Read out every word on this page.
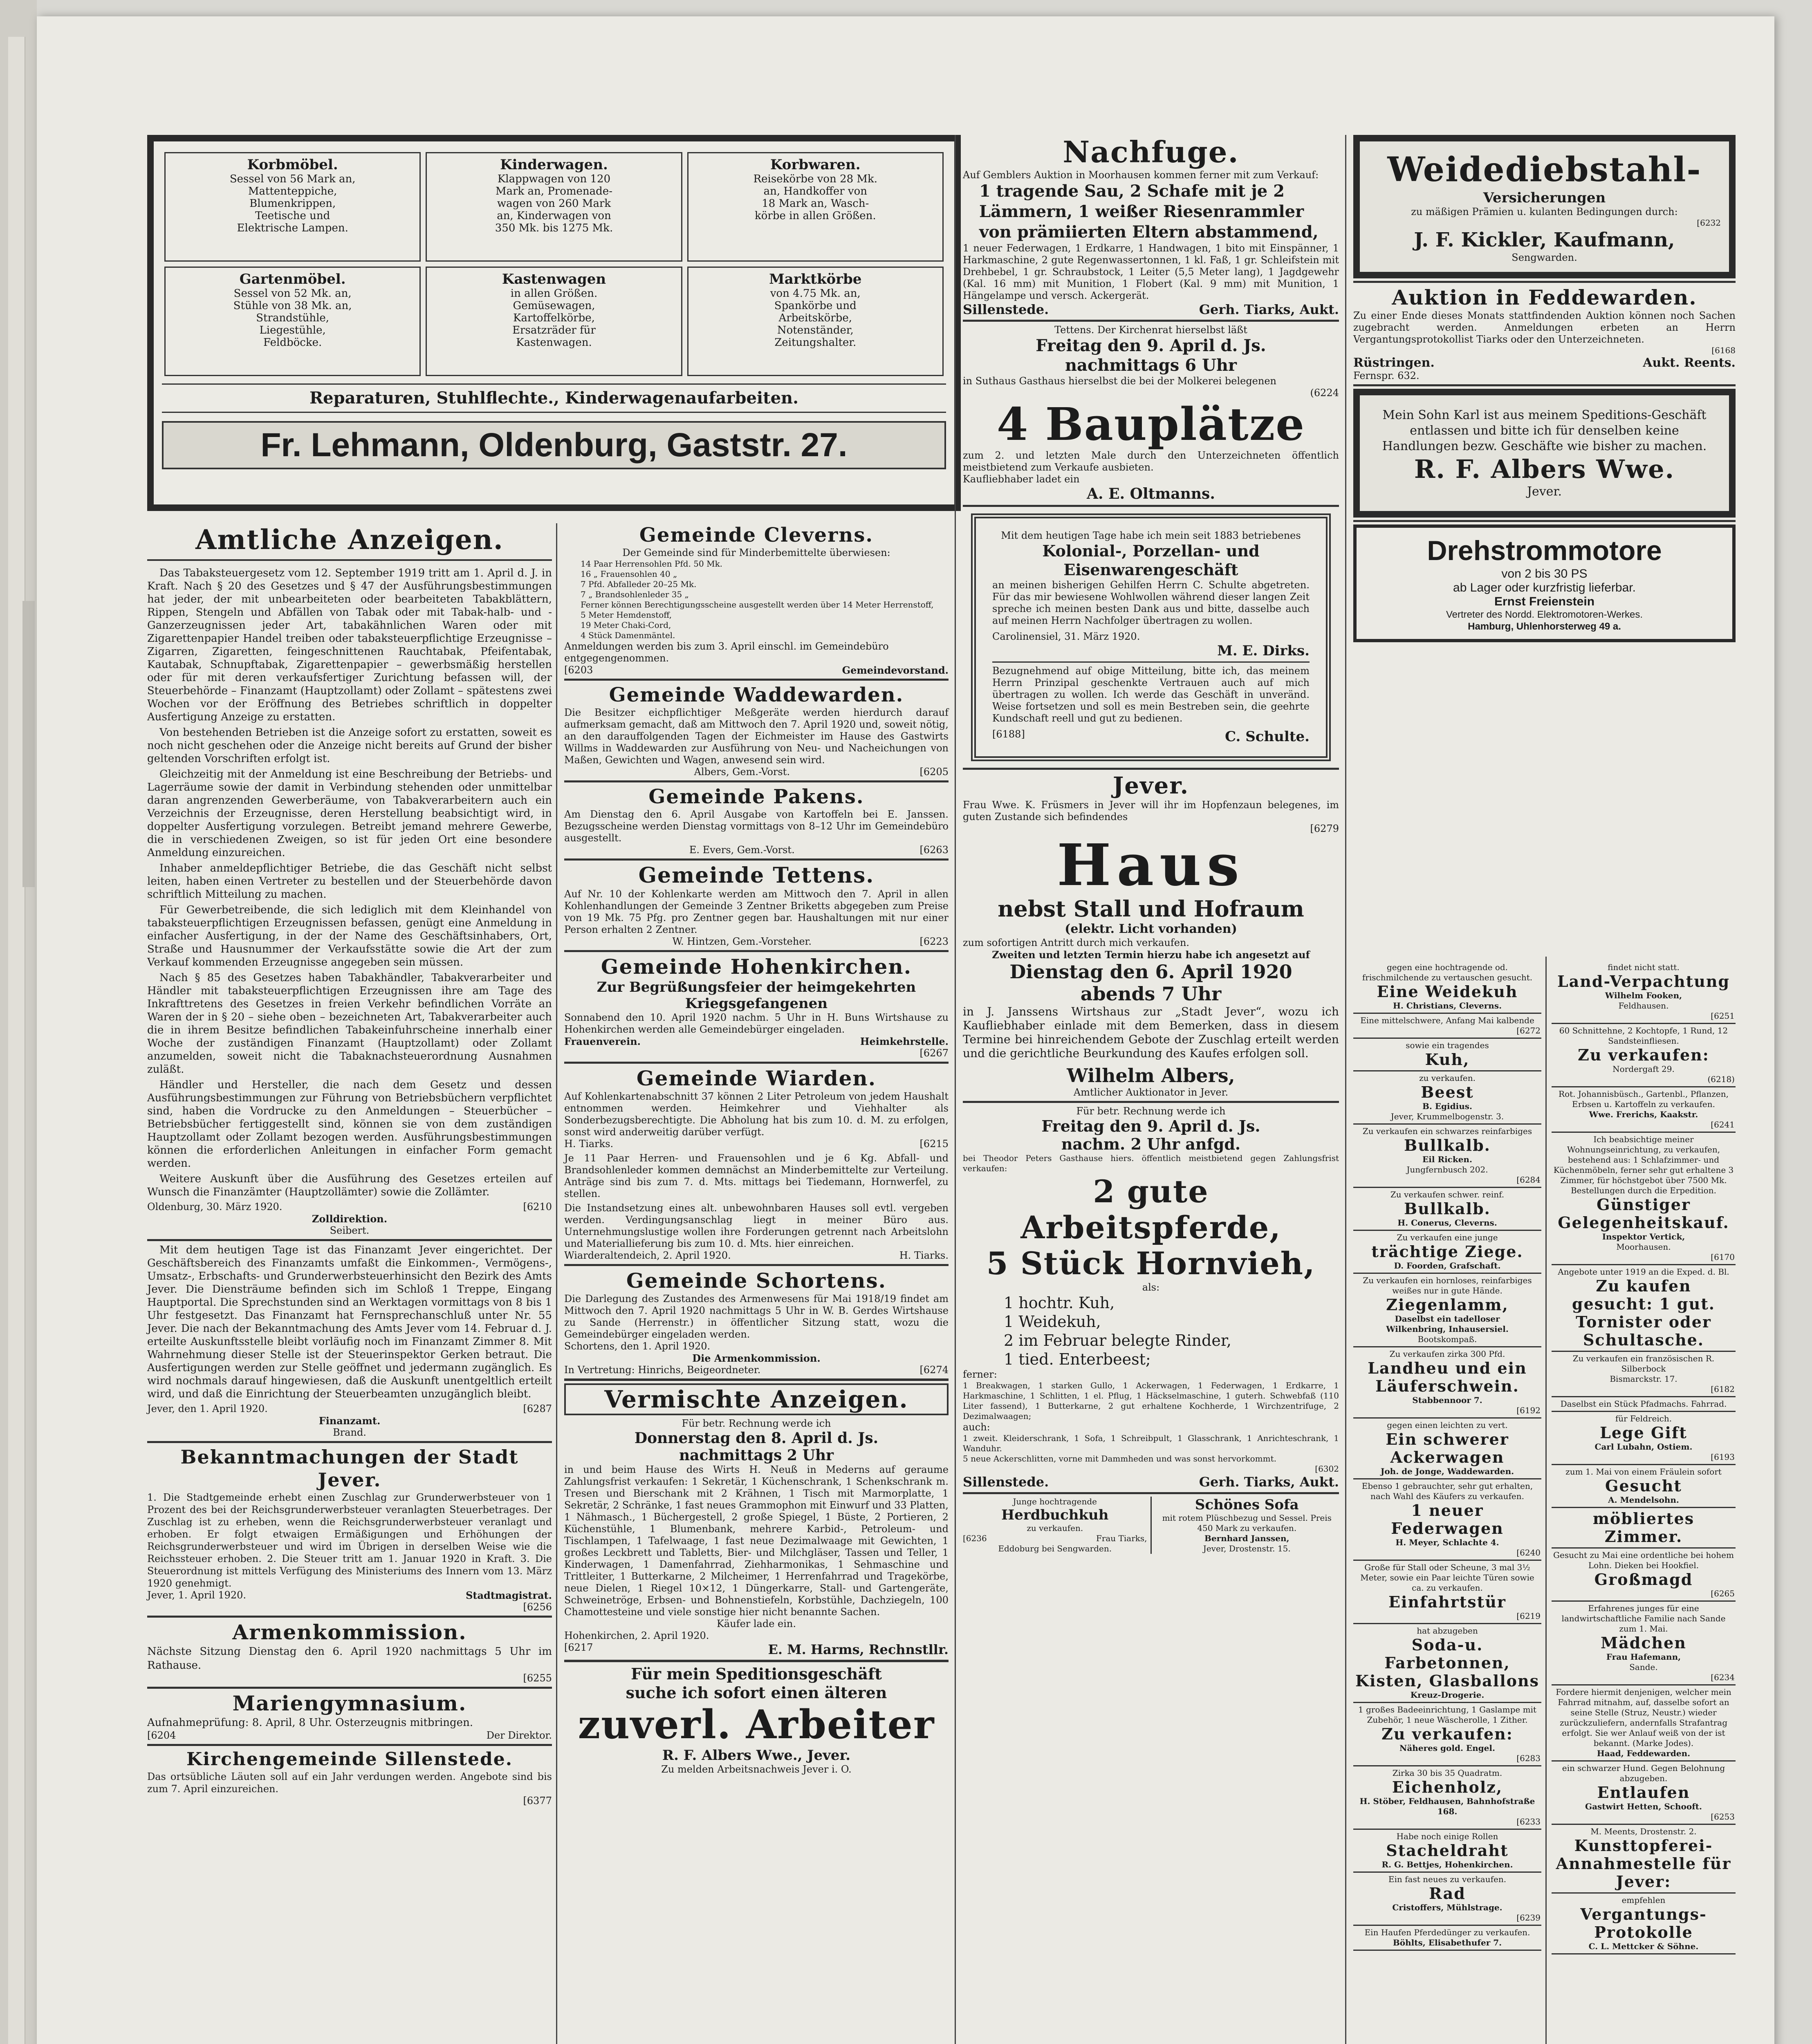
Korbmöbel.
Sessel von 56 Mark an,
Mattenteppiche,
Blumenkrippen,
Teetische und
Elektrische Lampen.
Kinderwagen.
Klappwagen von 120
Mark an, Promenade-
wagen von 260 Mark
an, Kinderwagen von
350 Mk. bis 1275 Mk.
Korbwaren.
Reisekörbe von 28 Mk.
an, Handkoffer von
18 Mark an, Wasch-
körbe in allen Größen.
Gartenmöbel.
Sessel von 52 Mk. an,
Stühle von 38 Mk. an,
Strandstühle,
Liegestühle,
Feldböcke.
Kastenwagen
in allen Größen.
Gemüsewagen,
Kartoffelkörbe,
Ersatzräder für
Kastenwagen.
Marktkörbe
von 4.75 Mk. an,
Spankörbe und
Arbeitskörbe,
Notenständer,
Zeitungshalter.
Reparaturen, Stuhlflechte., Kinderwagenaufarbeiten.
Fr. Lehmann, Oldenburg, Gaststr. 27.
Amtliche Anzeigen.

Das Tabaksteuergesetz vom 12. September 1919 tritt am 1. April d. J. in Kraft. Nach § 20 des Gesetzes und § 47 der Ausführungsbestimmungen hat jeder, der mit unbearbeiteten oder bearbeiteten Tabakblättern, Rippen, Stengeln und Abfällen von Tabak oder mit Tabak-halb- und -Ganzerzeugnissen jeder Art, tabakähnlichen Waren oder mit Zigarettenpapier Handel treiben oder tabaksteuerpflichtige Erzeugnisse – Zigarren, Zigaretten, feingeschnittenen Rauchtabak, Pfeifentabak, Kautabak, Schnupftabak, Zigarettenpapier – gewerbsmäßig herstellen oder für mit deren verkaufsfertiger Zurichtung befassen will, der Steuerbehörde – Finanzamt (Hauptzollamt) oder Zollamt – spätestens zwei Wochen vor der Eröffnung des Betriebes schriftlich in doppelter Ausfertigung Anzeige zu erstatten.

Von bestehenden Betrieben ist die Anzeige sofort zu erstatten, soweit es noch nicht geschehen oder die Anzeige nicht bereits auf Grund der bisher geltenden Vorschriften erfolgt ist.

Gleichzeitig mit der Anmeldung ist eine Beschreibung der Betriebs- und Lagerräume sowie der damit in Verbindung stehenden oder unmittelbar daran angrenzenden Gewerberäume, von Tabakverarbeitern auch ein Verzeichnis der Erzeugnisse, deren Herstellung beabsichtigt wird, in doppelter Ausfertigung vorzulegen. Betreibt jemand mehrere Gewerbe, die in verschiedenen Zweigen, so ist für jeden Ort eine besondere Anmeldung einzureichen.

Inhaber anmeldepflichtiger Betriebe, die das Geschäft nicht selbst leiten, haben einen Vertreter zu bestellen und der Steuerbehörde davon schriftlich Mitteilung zu machen.

Für Gewerbetreibende, die sich lediglich mit dem Kleinhandel von tabaksteuerpflichtigen Erzeugnissen befassen, genügt eine Anmeldung in einfacher Ausfertigung, in der der Name des Geschäftsinhabers, Ort, Straße und Hausnummer der Verkaufsstätte sowie die Art der zum Verkauf kommenden Erzeugnisse angegeben sein müssen.

Nach § 85 des Gesetzes haben Tabakhändler, Tabakverarbeiter und Händler mit tabaksteuerpflichtigen Erzeugnissen ihre am Tage des Inkrafttretens des Gesetzes in freien Verkehr befindlichen Vorräte an Waren der in § 20 – siehe oben – bezeichneten Art, Tabakverarbeiter auch die in ihrem Besitze befindlichen Tabakeinfuhrscheine innerhalb einer Woche der zuständigen Finanzamt (Hauptzollamt) oder Zollamt anzumelden, soweit nicht die Tabaknachsteuerordnung Ausnahmen zuläßt.

Händler und Hersteller, die nach dem Gesetz und dessen Ausführungsbestimmungen zur Führung von Betriebsbüchern verpflichtet sind, haben die Vordrucke zu den Anmeldungen – Steuerbücher – Betriebsbücher fertiggestellt sind, können sie von dem zuständigen Hauptzollamt oder Zollamt bezogen werden. Ausführungsbestimmungen können die erforderlichen Anleitungen in einfacher Form gemacht werden.

Weitere Auskunft über die Ausführung des Gesetzes erteilen auf Wunsch die Finanzämter (Hauptzollämter) sowie die Zollämter.

Oldenburg, 30. März 1920.	[6210
Zolldirektion.
Seibert.

Mit dem heutigen Tage ist das Finanzamt Jever eingerichtet. Der Geschäftsbereich des Finanzamts umfaßt die Einkommen-, Vermögens-, Umsatz-, Erbschafts- und Grunderwerbsteuerhinsicht den Bezirk des Amts Jever. Die Diensträume befinden sich im Schloß 1 Treppe, Eingang Hauptportal. Die Sprechstunden sind an Werktagen vormittags von 8 bis 1 Uhr festgesetzt. Das Finanzamt hat Fernsprechanschluß unter Nr. 55 Jever. Die nach der Bekanntmachung des Amts Jever vom 14. Februar d. J. erteilte Auskunftsstelle bleibt vorläufig noch im Finanzamt Zimmer 8. Mit Wahrnehmung dieser Stelle ist der Steuerinspektor Gerken betraut. Die Ausfertigungen werden zur Stelle geöffnet und jedermann zugänglich. Es wird nochmals darauf hingewiesen, daß die Auskunft unentgeltlich erteilt wird, und daß die Einrichtung der Steuerbeamten unzugänglich bleibt.

Jever, den 1. April 1920.	[6287
Finanzamt.
Brand.
Bekanntmachungen der Stadt Jever.
1. Die Stadtgemeinde erhebt einen Zuschlag zur Grunderwerbsteuer von 1 Prozent des bei der Reichsgrunderwerbsteuer veranlagten Steuerbetrages. Der Zuschlag ist zu erheben, wenn die Reichsgrunderwerbsteuer veranlagt und erhoben. Er folgt etwaigen Ermäßigungen und Erhöhungen der Reichsgrunderwerbsteuer und wird im Übrigen in derselben Weise wie die Reichssteuer erhoben. 2. Die Steuer tritt am 1. Januar 1920 in Kraft. 3. Die Steuerordnung ist mittels Verfügung des Ministeriums des Innern vom 13. März 1920 genehmigt.
Jever, 1. April 1920.	Stadtmagistrat.
[6256
Armenkommission.
Nächste Sitzung Dienstag den 6. April 1920 nachmittags 5 Uhr im Rathause.
[6255
Mariengymnasium.
Aufnahmeprüfung: 8. April, 8 Uhr. Osterzeugnis mitbringen.
[6204	Der Direktor.
Kirchengemeinde Sillenstede.
Das ortsübliche Läuten soll auf ein Jahr verdungen werden. Angebote sind bis zum 7. April einzureichen.
[6377
Gemeinde Cleverns.
Der Gemeinde sind für Minderbemittelte überwiesen:
14 Paar Herrensohlen Pfd. 50 Mk.
16 „ Frauensohlen 40 „
7 Pfd. Abfalleder 20–25 Mk.
7 „ Brandsohlenleder 35 „
Ferner können Berechtigungsscheine ausgestellt werden über 14 Meter Herrenstoff,
5 Meter Hemdenstoff,
19 Meter Chaki-Cord,
4 Stück Damenmäntel.
Anmeldungen werden bis zum 3. April einschl. im Gemeindebüro entgegengenommen.
[6203	Gemeindevorstand.
Gemeinde Waddewarden.
Die Besitzer eichpflichtiger Meßgeräte werden hierdurch darauf aufmerksam gemacht, daß am Mittwoch den 7. April 1920 und, soweit nötig, an den darauffolgenden Tagen der Eichmeister im Hause des Gastwirts Willms in Waddewarden zur Ausführung von Neu- und Nacheichungen von Maßen, Gewichten und Wagen, anwesend sein wird.
Albers, Gem.-Vorst.	[6205
Gemeinde Pakens.
Am Dienstag den 6. April Ausgabe von Kartoffeln bei E. Janssen. Bezugsscheine werden Dienstag vormittags von 8–12 Uhr im Gemeindebüro ausgestellt.
E. Evers, Gem.-Vorst.	[6263
Gemeinde Tettens.
Auf Nr. 10 der Kohlenkarte werden am Mittwoch den 7. April in allen Kohlenhandlungen der Gemeinde 3 Zentner Briketts abgegeben zum Preise von 19 Mk. 75 Pfg. pro Zentner gegen bar. Haushaltungen mit nur einer Person erhalten 2 Zentner.
W. Hintzen, Gem.-Vorsteher.	[6223
Gemeinde Hohenkirchen.
Zur Begrüßungsfeier der heimgekehrten Kriegsgefangenen
Sonnabend den 10. April 1920 nachm. 5 Uhr in H. Buns Wirtshause zu Hohenkirchen werden alle Gemeindebürger eingeladen.
Frauenverein.	Heimkehrstelle.
[6267
Gemeinde Wiarden.
Auf Kohlenkartenabschnitt 37 können 2 Liter Petroleum von jedem Haushalt entnommen werden. Heimkehrer und Viehhalter als Sonderbezugsberechtigte. Die Abholung hat bis zum 10. d. M. zu erfolgen, sonst wird anderweitig darüber verfügt.
H. Tiarks.	[6215
Je 11 Paar Herren- und Frauensohlen und je 6 Kg. Abfall- und Brandsohlenleder kommen demnächst an Minderbemittelte zur Verteilung. Anträge sind bis zum 7. d. Mts. mittags bei Tiedemann, Hornwerfel, zu stellen.
Die Instandsetzung eines alt. unbewohnbaren Hauses soll evtl. vergeben werden. Verdingungsanschlag liegt in meiner Büro aus. Unternehmungslustige wollen ihre Forderungen getrennt nach Arbeitslohn und Materiallieferung bis zum 10. d. Mts. hier einreichen.
Wiarderaltendeich, 2. April 1920.	H. Tiarks.
Gemeinde Schortens.
Die Darlegung des Zustandes des Armenwesens für Mai 1918/19 findet am Mittwoch den 7. April 1920 nachmittags 5 Uhr in W. B. Gerdes Wirtshause zu Sande (Herrenstr.) in öffentlicher Sitzung statt, wozu die Gemeindebürger eingeladen werden.
Schortens, den 1. April 1920.
Die Armenkommission.
In Vertretung: Hinrichs, Beigeordneter.	[6274
Vermischte Anzeigen.
Für betr. Rechnung werde ich
Donnerstag den 8. April d. Js.
nachmittags 2 Uhr
in und beim Hause des Wirts H. Neuß in Mederns auf geraume Zahlungsfrist verkaufen: 1 Sekretär, 1 Küchenschrank, 1 Schenkschrank m. Tresen und Bierschank mit 2 Krähnen, 1 Tisch mit Marmorplatte, 1 Sekretär, 2 Schränke, 1 fast neues Grammophon mit Einwurf und 33 Platten, 1 Nähmasch., 1 Büchergestell, 2 große Spiegel, 1 Büste, 2 Portieren, 2 Küchenstühle, 1 Blumenbank, mehrere Karbid-, Petroleum- und Tischlampen, 1 Tafelwaage, 1 fast neue Dezimalwaage mit Gewichten, 1 großes Leckbrett und Tabletts, Bier- und Milchgläser, Tassen und Teller, 1 Kinderwagen, 1 Damenfahrrad, Ziehharmonikas, 1 Sehmaschine und Trittleiter, 1 Butterkarne, 2 Milcheimer, 1 Herrenfahrrad und Tragekörbe, neue Dielen, 1 Riegel 10×12, 1 Düngerkarre, Stall- und Gartengeräte, Schweinetröge, Erbsen- und Bohnenstiefeln, Korbstühle, Dachziegeln, 100 Chamottesteine und viele sonstige hier nicht benannte Sachen.
Käufer lade ein.
Hohenkirchen, 2. April 1920.
[6217	E. M. Harms, Rechnstllr.
Für mein Speditionsgeschäft
suche ich sofort einen älteren
zuverl. Arbeiter
R. F. Albers Wwe., Jever.
Zu melden Arbeitsnachweis Jever i. O.
Nachfuge.
Auf Gemblers Auktion in Moorhausen kommen ferner mit zum Verkauf:
1 tragende Sau, 2 Schafe mit je 2 Lämmern, 1 weißer Riesenrammler von prämiierten Eltern abstammend,
1 neuer Federwagen, 1 Erdkarre, 1 Handwagen, 1 bito mit Einspänner, 1 Harkmaschine, 2 gute Regenwassertonnen, 1 kl. Faß, 1 gr. Schleifstein mit Drehbebel, 1 gr. Schraubstock, 1 Leiter (5,5 Meter lang), 1 Jagdgewehr (Kal. 16 mm) mit Munition, 1 Flobert (Kal. 9 mm) mit Munition, 1 Hängelampe und versch. Ackergerät.
Sillenstede.	Gerh. Tiarks, Aukt.
Tettens. Der Kirchenrat hierselbst läßt
Freitag den 9. April d. Js.
nachmittags 6 Uhr
in Suthaus Gasthaus hierselbst die bei der Molkerei belegenen
(6224
4 Bauplätze
zum 2. und letzten Male durch den Unterzeichneten öffentlich meistbietend zum Verkaufe ausbieten.
Kaufliebhaber ladet ein
A. E. Oltmanns.
Mit dem heutigen Tage habe ich mein seit 1883 betriebenes
Kolonial-, Porzellan- und Eisenwarengeschäft
an meinen bisherigen Gehilfen Herrn C. Schulte abgetreten. Für das mir bewiesene Wohlwollen während dieser langen Zeit spreche ich meinen besten Dank aus und bitte, dasselbe auch auf meinen Herrn Nachfolger übertragen zu wollen.
Carolinensiel, 31. März 1920.
M. E. Dirks.
Bezugnehmend auf obige Mitteilung, bitte ich, das meinem Herrn Prinzipal geschenkte Vertrauen auch auf mich übertragen zu wollen. Ich werde das Geschäft in unveränd. Weise fortsetzen und soll es mein Bestreben sein, die geehrte Kundschaft reell und gut zu bedienen.
[6188]	C. Schulte.
Jever.
Frau Wwe. K. Früsmers in Jever will ihr im Hopfenzaun belegenes, im guten Zustande sich befindendes
[6279
Haus
nebst Stall und Hofraum
(elektr. Licht vorhanden)
zum sofortigen Antritt durch mich verkaufen.
Zweiten und letzten Termin hierzu habe ich angesetzt auf
Dienstag den 6. April 1920
abends 7 Uhr
in J. Janssens Wirtshaus zur „Stadt Jever“, wozu ich Kaufliebhaber einlade mit dem Bemerken, dass in diesem Termine bei hinreichendem Gebote der Zuschlag erteilt werden und die gerichtliche Beurkundung des Kaufes erfolgen soll.
Wilhelm Albers,
Amtlicher Auktionator in Jever.
Für betr. Rechnung werde ich
Freitag den 9. April d. Js.
nachm. 2 Uhr anfgd.
bei Theodor Peters Gasthause hiers. öffentlich meistbietend gegen Zahlungsfrist verkaufen:
2 gute Arbeitspferde,
5 Stück Hornvieh,
als:
1 hochtr. Kuh,
1 Weidekuh,
2 im Februar belegte Rinder,
1 tied. Enterbeest;
ferner:
1 Breakwagen, 1 starken Gullo, 1 Ackerwagen, 1 Federwagen, 1 Erdkarre, 1 Harkmaschine, 1 Schlitten, 1 el. Pflug, 1 Häckselmaschine, 1 guterh. Schwebfaß (110 Liter fassend), 1 Butterkarne, 2 gut erhaltene Kochherde, 1 Wirchzentrifuge, 2 Dezimalwaagen;
auch:
1 zweit. Kleiderschrank, 1 Sofa, 1 Schreibpult, 1 Glasschrank, 1 Anrichteschrank, 1 Wanduhr.
5 neue Ackerschlitten, vorne mit Dammheden und was sonst hervorkommt.
[6302
Sillenstede.	Gerh. Tiarks, Aukt.
Junge hochtragende
Herdbuchkuh
zu verkaufen.
[6236	Frau Tiarks,
Eddoburg bei Sengwarden.
Schönes Sofa
mit rotem Plüschbezug und Sessel. Preis 450 Mark zu verkaufen.
Bernhard Janssen,
Jever, Drostenstr. 15.
Weidediebstahl-
Versicherungen
zu mäßigen Prämien u. kulanten Bedingungen durch:
[6232
J. F. Kickler, Kaufmann,
Sengwarden.
Auktion in Feddewarden.
Zu einer Ende dieses Monats stattfindenden Auktion können noch Sachen zugebracht werden. Anmeldungen erbeten an Herrn Vergantungsprotokollist Tiarks oder den Unterzeichneten.
[6168
Rüstringen.	Aukt. Reents.
Fernspr. 632.
Mein Sohn Karl ist aus meinem Speditions-Geschäft entlassen und bitte ich für denselben keine Handlungen bezw. Geschäfte wie bisher zu machen.
R. F. Albers Wwe.
Jever.
Drehstrommotore
von 2 bis 30 PS
ab Lager oder kurzfristig lieferbar.
Ernst Freienstein
Vertreter des Nordd. Elektromotoren-Werkes.
Hamburg, Uhlenhorsterweg 49 a.
gegen eine hochtragende od. frischmilchende zu vertauschen gesucht.
Eine Weidekuh
H. Christians, Cleverns.
Eine mittelschwere, Anfang Mai kalbende
[6272
sowie ein tragendes
Kuh,
zu verkaufen.
Beest
B. Egidius.
Jever, Krummelbogenstr. 3.
Zu verkaufen ein schwarzes reinfarbiges
Bullkalb.
Eil Ricken.
Jungfernbusch 202.
[6284
Zu verkaufen schwer. reinf.
Bullkalb.
H. Conerus, Cleverns.
Zu verkaufen eine junge
trächtige Ziege.
D. Foorden, Grafschaft.
Zu verkaufen ein hornloses, reinfarbiges weißes nur in gute Hände.
Ziegenlamm,
Daselbst ein tadelloser
Wilkenbring, Inhausersiel.
Bootskompaß.
Zu verkaufen zirka 300 Pfd.
Landheu und ein Läuferschwein.
Stabbennoor 7.
[6192
gegen einen leichten zu vert.
Ein schwerer Ackerwagen
Joh. de Jonge, Waddewarden.
Ebenso 1 gebrauchter, sehr gut erhalten, nach Wahl des Käufers zu verkaufen.
1 neuer Federwagen
H. Meyer, Schlachte 4.
[6240
Große für Stall oder Scheune, 3 mal 3½ Meter, sowie ein Paar leichte Türen sowie ca. zu verkaufen.
Einfahrtstür
[6219
hat abzugeben
Soda-u. Farbetonnen, Kisten, Glasballons
Kreuz-Drogerie.
1 großes Badeeinrichtung, 1 Gaslampe mit Zubehör, 1 neue Wäscherolle, 1 Zither.
Zu verkaufen:
Näheres gold. Engel.
[6283
Zirka 30 bis 35 Quadratm.
Eichenholz,
H. Stöber, Feldhausen, Bahnhofstraße 168.
[6233
Habe noch einige Rollen
Stacheldraht
R. G. Bettjes, Hohenkirchen.
Ein fast neues zu verkaufen.
Rad
Cristoffers, Mühlstrage.
[6239
Ein Haufen Pferdedünger zu verkaufen.
Böhlts, Elisabethufer 7.
findet nicht statt.
Land-Verpachtung
Wilhelm Fooken,
Feldhausen.
[6251
60 Schnittehne, 2 Kochtopfe, 1 Rund, 12 Sandsteinfliesen.
Zu verkaufen:
Nordergaft 29.
(6218)
Rot. Johannisbüsch., Gartenbl., Pflanzen, Erbsen u. Kartoffeln zu verkaufen.
Wwe. Frerichs, Kaakstr.
[6241
Ich beabsichtige meiner Wohnungseinrichtung, zu verkaufen, bestehend aus: 1 Schlafzimmer- und Küchenmöbeln, ferner sehr gut erhaltene 3 Zimmer, für höchstgebot über 7500 Mk. Bestellungen durch die Erpedition.
Günstiger Gelegenheitskauf.
Inspektor Vertick,
Moorhausen.
[6170
Angebote unter 1919 an die Exped. d. Bl.
Zu kaufen gesucht: 1 gut. Tornister oder Schultasche.
Zu verkaufen ein französischen R. Silberbock
Bismarckstr. 17.
[6182
Daselbst ein Stück Pfadmachs. Fahrrad.
für Feldreich.
Lege Gift
Carl Lubahn, Ostiem.
[6193
zum 1. Mai von einem Fräulein sofort
Gesucht
A. Mendelsohn.
möbliertes Zimmer.
Gesucht zu Mai eine ordentliche bei hohem Lohn. Dieken bei Hookfiel.
Großmagd
[6265
Erfahrenes junges für eine landwirtschaftliche Familie nach Sande zum 1. Mai.
Mädchen
Frau Hafemann,
Sande.
[6234
Fordere hiermit denjenigen, welcher mein Fahrrad mitnahm, auf, dasselbe sofort an seine Stelle (Struz, Neustr.) wieder zurückzuliefern, andernfalls Strafantrag erfolgt. Sie wer Anlauf weiß von der ist bekannt. (Marke Jodes).
Haad, Feddewarden.
ein schwarzer Hund. Gegen Belohnung abzugeben.
Entlaufen
Gastwirt Hetten, Schooft.
[6253
M. Meents, Drostenstr. 2.
Kunsttopferei-Annahmestelle für Jever:
empfehlen
Vergantungs-Protokolle
C. L. Mettcker & Söhne.
